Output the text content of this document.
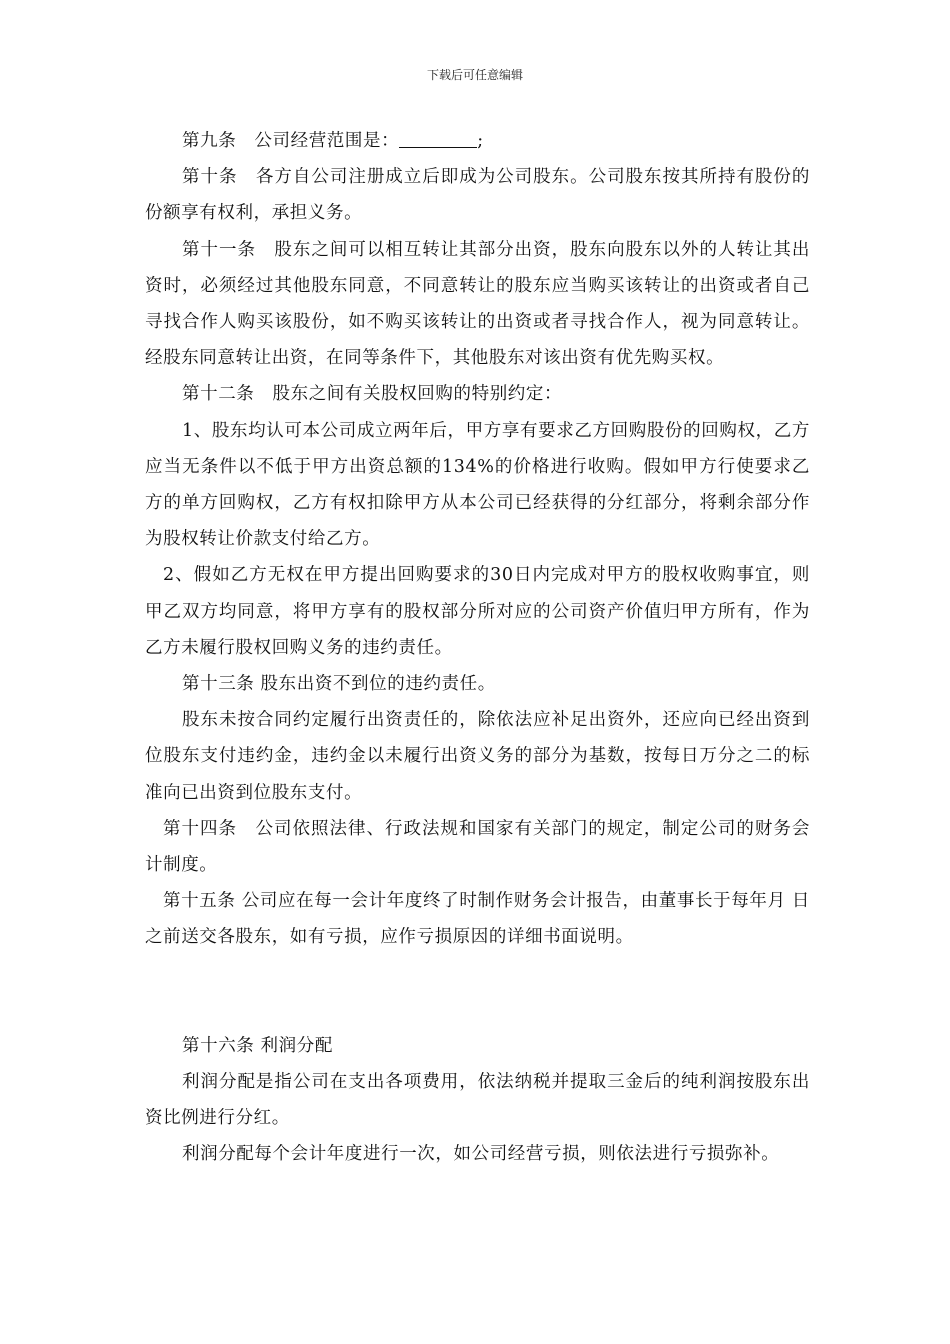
下载后可任意编辑

第九条　 公司经营范围是：	;

第十条　各方自公司注册成立后即成为公司股东。公司股东按其所持有股份的份额享有权利，承担义务。

第十一条　股东之间可以相互转让其部分出资，股东向股东以外的人转让其出资时，必须经过其他股东同意，不同意转让的股东应当购买该转让的出资或者自己寻找合作人购买该股份，如不购买该转让的出资或者寻找合作人，视为同意转让。经股东同意转让出资，在同等条件下，其他股东对该出资有优先购买权。

第十二条　股东之间有关股权回购的特别约定：

1、股东均认可本公司成立两年后，甲方享有要求乙方回购股份的回购权，乙方应当无条件以不低于甲方出资总额的134%的价格进行收购。假如甲方行使要求乙方的单方回购权，乙方有权扣除甲方从本公司已经获得的分红部分，将剩余部分作为股权转让价款支付给乙方。

2、假如乙方无权在甲方提出回购要求的30日内完成对甲方的股权收购事宜，则甲乙双方均同意，将甲方享有的股权部分所对应的公司资产价值归甲方所有，作为乙方未履行股权回购义务的违约责任。

第十三条 股东出资不到位的违约责任。

股东未按合同约定履行出资责任的，除依法应补足出资外，还应向已经出资到位股东支付违约金，违约金以未履行出资义务的部分为基数，按每日万分之二的标准向已出资到位股东支付。

第十四条　公司依照法律、行政法规和国家有关部门的规定，制定公司的财务会计制度。

第十五条 公司应在每一会计年度终了时制作财务会计报告，由董事长于每年月 日之前送交各股东，如有亏损，应作亏损原因的详细书面说明。

第十六条 利润分配

利润分配是指公司在支出各项费用，依法纳税并提取三金后的纯利润按股东出资比例进行分红。

利润分配每个会计年度进行一次，如公司经营亏损，则依法进行亏损弥补。
